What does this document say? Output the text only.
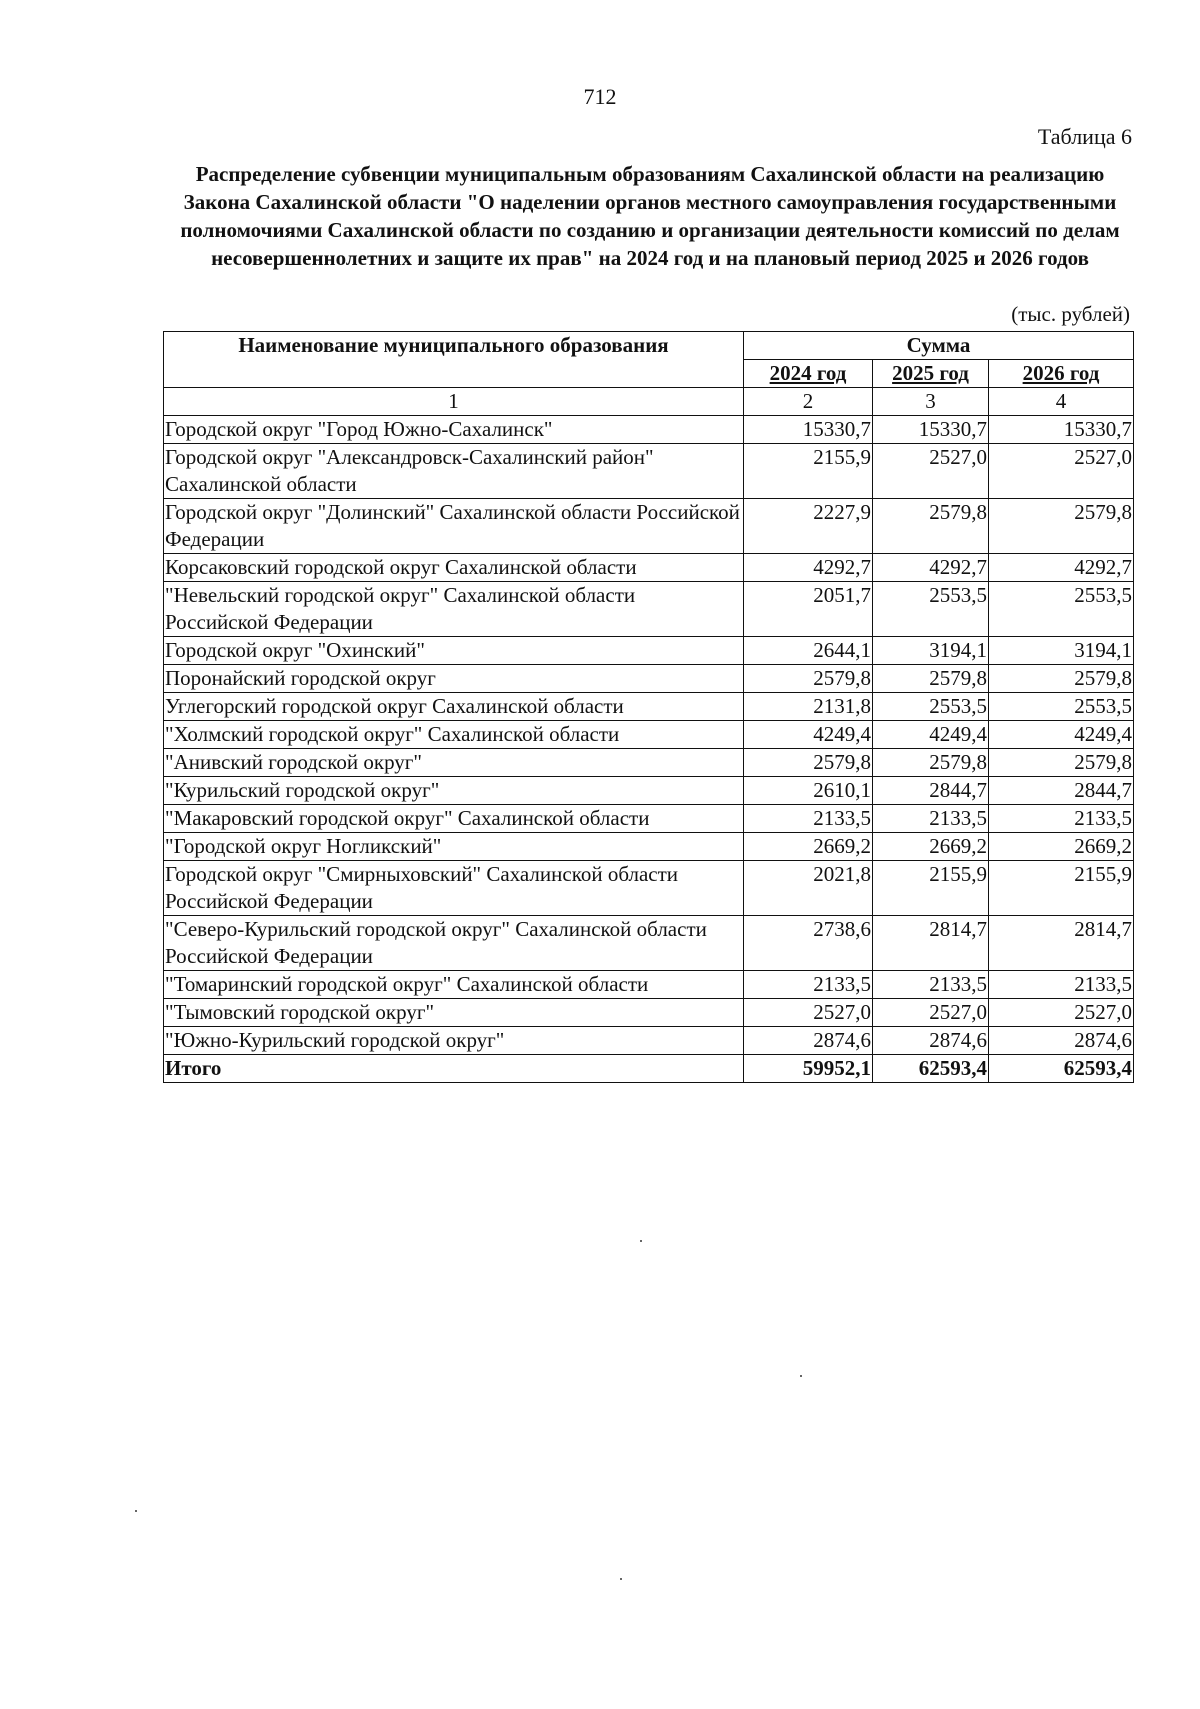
712
Таблица 6
Распределение субвенции муниципальным образованиям Сахалинской области на реализацию Закона Сахалинской области "О наделении органов местного самоуправления государственными полномочиями Сахалинской области по созданию и организации деятельности комиссий по делам несовершеннолетних и защите их прав" на 2024 год и на плановый период 2025 и 2026 годов
(тыс. рублей)
Наименование муниципального образования	Сумма		
	2024 год	2025 год	2026 год
1	2	3	4
Городской округ "Город Южно-Сахалинск"	15330,7	15330,7	15330,7
Городской округ "Александровск-Сахалинский район" Сахалинской области	2155,9	2527,0	2527,0
Городской округ "Долинский" Сахалинской области Российской Федерации	2227,9	2579,8	2579,8
Корсаковский городской округ Сахалинской области	4292,7	4292,7	4292,7
"Невельский городской округ" Сахалинской области Российской Федерации	2051,7	2553,5	2553,5
Городской округ "Охинский"	2644,1	3194,1	3194,1
Поронайский городской округ	2579,8	2579,8	2579,8
Углегорский городской округ Сахалинской области	2131,8	2553,5	2553,5
"Холмский городской округ" Сахалинской области	4249,4	4249,4	4249,4
"Анивский городской округ"	2579,8	2579,8	2579,8
"Курильский городской округ"	2610,1	2844,7	2844,7
"Макаровский городской округ" Сахалинской области	2133,5	2133,5	2133,5
"Городской округ Ногликский"	2669,2	2669,2	2669,2
Городской округ "Смирныховский" Сахалинской области Российской Федерации	2021,8	2155,9	2155,9
"Северо-Курильский городской округ" Сахалинской области Российской Федерации	2738,6	2814,7	2814,7
"Томаринский городской округ" Сахалинской области	2133,5	2133,5	2133,5
"Тымовский городской округ"	2527,0	2527,0	2527,0
"Южно-Курильский городской округ"	2874,6	2874,6	2874,6
Итого	59952,1	62593,4	62593,4
